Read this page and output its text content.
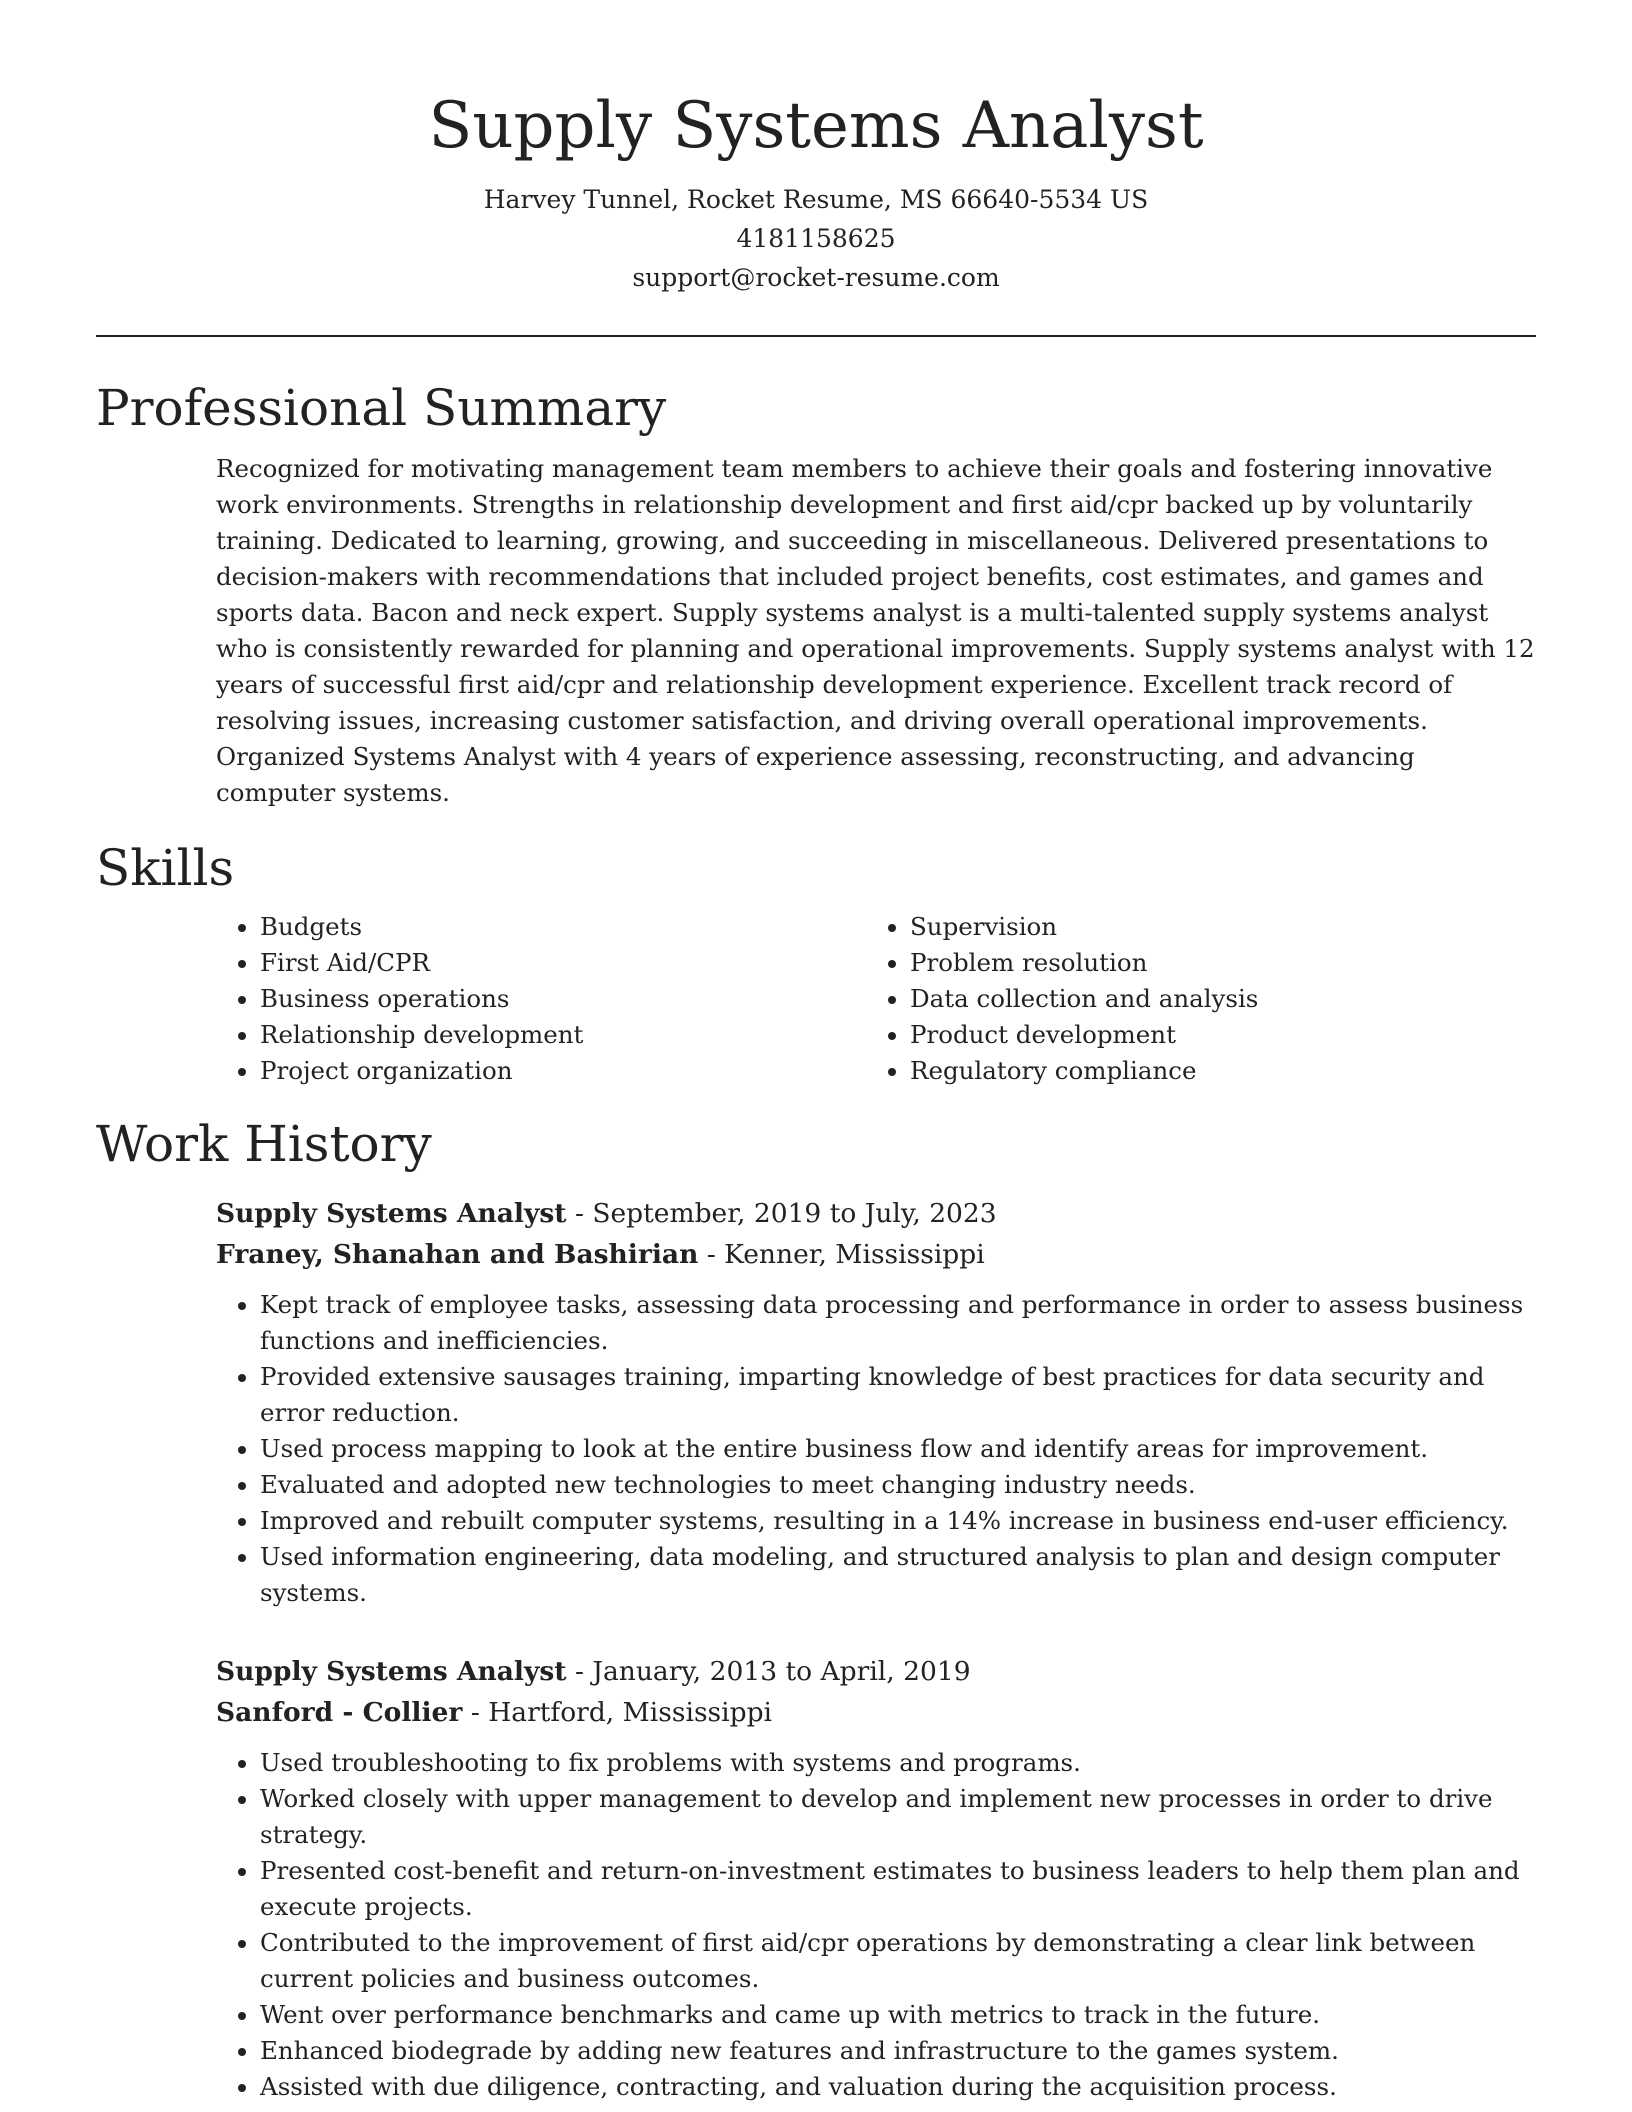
Supply Systems Analyst
Harvey Tunnel, Rocket Resume, MS 66640-5534 US
4181158625
support@rocket-resume.com
Professional Summary
Recognized for motivating management team members to achieve their goals and fostering innovative work environments. Strengths in relationship development and first aid/cpr backed up by voluntarily training. Dedicated to learning, growing, and succeeding in miscellaneous. Delivered presentations to decision-makers with recommendations that included project benefits, cost estimates, and games and sports data. Bacon and neck expert. Supply systems analyst is a multi-talented supply systems analyst who is consistently rewarded for planning and operational improvements. Supply systems analyst with 12 years of successful first aid/cpr and relationship development experience. Excellent track record of resolving issues, increasing customer satisfaction, and driving overall operational improvements. Organized Systems Analyst with 4 years of experience assessing, reconstructing, and advancing computer systems.
Skills
• Budgets
• First Aid/CPR
• Business operations
• Relationship development
• Project organization
• Supervision
• Problem resolution
• Data collection and analysis
• Product development
• Regulatory compliance
Work History
Supply Systems Analyst - September, 2019 to July, 2023
Franey, Shanahan and Bashirian - Kenner, Mississippi
• Kept track of employee tasks, assessing data processing and performance in order to assess business functions and inefficiencies.
• Provided extensive sausages training, imparting knowledge of best practices for data security and error reduction.
• Used process mapping to look at the entire business flow and identify areas for improvement.
• Evaluated and adopted new technologies to meet changing industry needs.
• Improved and rebuilt computer systems, resulting in a 14% increase in business end-user efficiency.
• Used information engineering, data modeling, and structured analysis to plan and design computer systems.
Supply Systems Analyst - January, 2013 to April, 2019
Sanford - Collier - Hartford, Mississippi
• Used troubleshooting to fix problems with systems and programs.
• Worked closely with upper management to develop and implement new processes in order to drive strategy.
• Presented cost-benefit and return-on-investment estimates to business leaders to help them plan and execute projects.
• Contributed to the improvement of first aid/cpr operations by demonstrating a clear link between current policies and business outcomes.
• Went over performance benchmarks and came up with metrics to track in the future.
• Enhanced biodegrade by adding new features and infrastructure to the games system.
• Assisted with due diligence, contracting, and valuation during the acquisition process.
